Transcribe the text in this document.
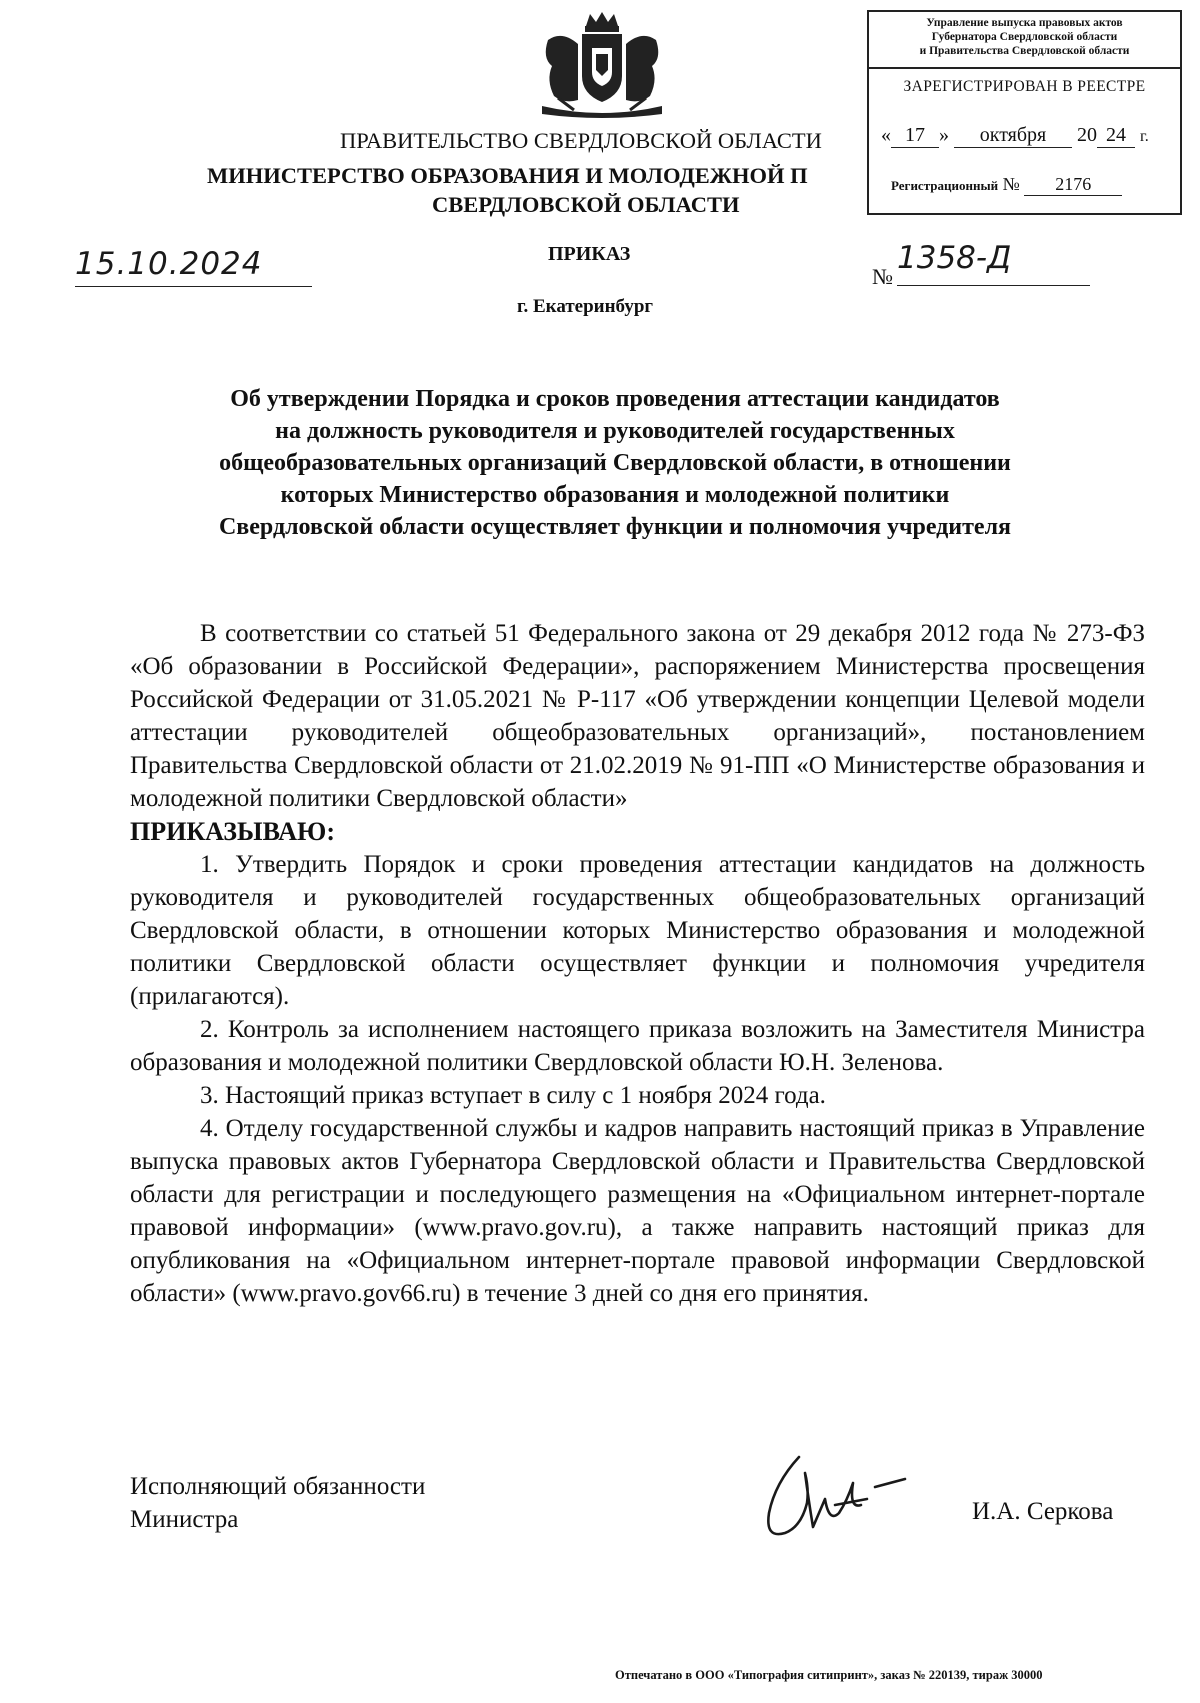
Управление выпуска правовых актов
Губернатора Свердловской области
и Правительства Свердловской области
ЗАРЕГИСТРИРОВАН В РЕЕСТРЕ
« 17 » октября 20 24 г.
Регистрационный № 2176
ПРАВИТЕЛЬСТВО СВЕРДЛОВСКОЙ ОБЛАСТИ
МИНИСТЕРСТВО ОБРАЗОВАНИЯ И МОЛОДЕЖНОЙ П
СВЕРДЛОВСКОЙ ОБЛАСТИ
15.10.2024	ПРИКАЗ
№
1358-Д
г. Екатеринбург
Об утверждении Порядка и сроков проведения аттестации кандидатов
на должность руководителя и руководителей государственных
общеобразовательных организаций Свердловской области, в отношении
которых Министерство образования и молодежной политики
Свердловской области осуществляет функции и полномочия учредителя

В соответствии со статьей 51 Федерального закона от 29 декабря 2012 года № 273-ФЗ «Об образовании в Российской Федерации», распоряжением Министерства просвещения Российской Федерации от 31.05.2021 № Р-117 «Об утверждении концепции Целевой модели аттестации руководителей общеобразовательных организаций», постановлением Правительства Свердловской области от 21.02.2019 № 91-ПП «О Министерстве образования и молодежной политики Свердловской области»

ПРИКАЗЫВАЮ:

1. Утвердить Порядок и сроки проведения аттестации кандидатов на должность руководителя и руководителей государственных общеобразовательных организаций Свердловской области, в отношении которых Министерство образования и молодежной политики Свердловской области осуществляет функции и полномочия учредителя (прилагаются).

2. Контроль за исполнением настоящего приказа возложить на Заместителя Министра образования и молодежной политики Свердловской области Ю.Н. Зеленова.

3. Настоящий приказ вступает в силу с 1 ноября 2024 года.

4. Отделу государственной службы и кадров направить настоящий приказ в Управление выпуска правовых актов Губернатора Свердловской области и Правительства Свердловской области для регистрации и последующего размещения на «Официальном интернет-портале правовой информации» (www.pravo.gov.ru), а также направить настоящий приказ для опубликования на «Официальном интернет-портале правовой информации Свердловской области» (www.pravo.gov66.ru) в течение 3 дней со дня его принятия.

Исполняющий обязанности
Министра	И.А. Серкова
Отпечатано в ООО «Типография ситипринт», заказ № 220139, тираж 30000
